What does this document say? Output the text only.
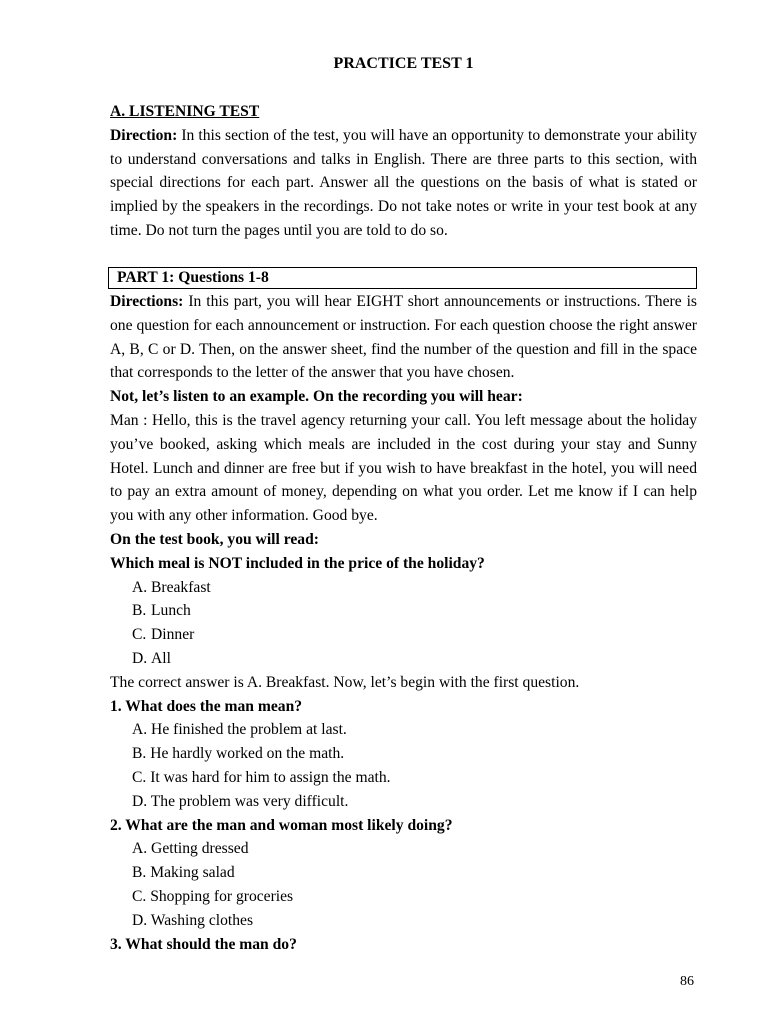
PRACTICE TEST 1
A. LISTENING TEST
Direction: In this section of the test, you will have an opportunity to demonstrate your ability to understand conversations and talks in English. There are three parts to this section, with special directions for each part. Answer all the questions on the basis of what is stated or implied by the speakers in the recordings. Do not take notes or write in your test book at any time. Do not turn the pages until you are told to do so.
PART 1: Questions 1-8
Directions: In this part, you will hear EIGHT short announcements or instructions. There is one question for each announcement or instruction. For each question choose the right answer A, B, C or D. Then, on the answer sheet, find the number of the question and fill in the space that corresponds to the letter of the answer that you have chosen.
Not, let’s listen to an example. On the recording you will hear:
Man : Hello, this is the travel agency returning your call. You left message about the holiday you’ve booked, asking which meals are included in the cost during your stay and Sunny Hotel. Lunch and dinner are free but if you wish to have breakfast in the hotel, you will need to pay an extra amount of money, depending on what you order. Let me know if I can help you with any other information. Good bye.
On the test book, you will read:
Which meal is NOT included in the price of the holiday?
A. Breakfast
B. Lunch
C. Dinner
D. All
The correct answer is A. Breakfast. Now, let’s begin with the first question.
1. What does the man mean?
A. He finished the problem at last.
B. He hardly worked on the math.
C. It was hard for him to assign the math.
D. The problem was very difficult.
2. What are the man and woman most likely doing?
A. Getting dressed
B. Making salad
C. Shopping for groceries
D. Washing clothes
3. What should the man do?
86
